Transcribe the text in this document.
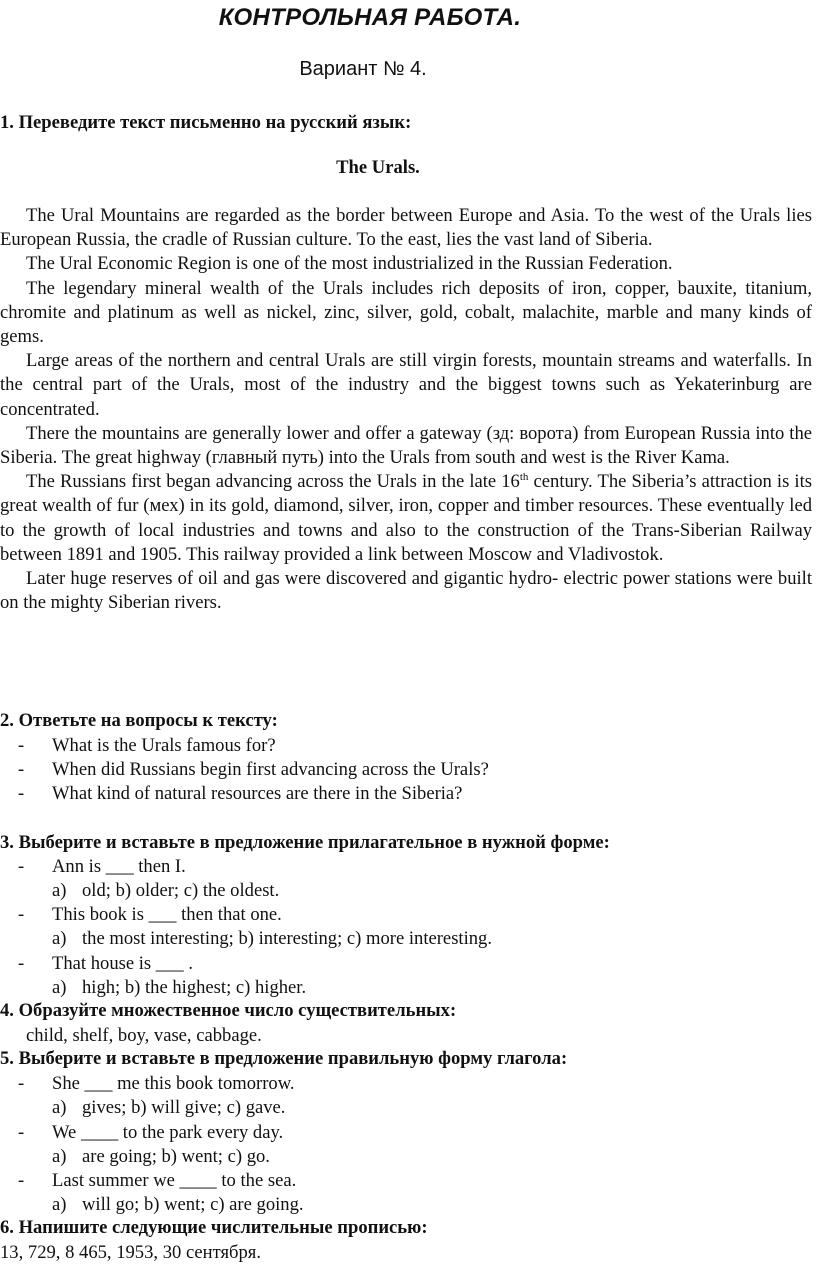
КОНТРОЛЬНАЯ РАБОТА.
Вариант № 4.
1. Переведите текст письменно на русский язык:
The Urals.

The Ural Mountains are regarded as the border between Europe and Asia. To the west of the Urals lies European Russia, the cradle of Russian culture. To the east, lies the vast land of Siberia.

The Ural Economic Region is one of the most industrialized in the Russian Federation.

The legendary mineral wealth of the Urals includes rich deposits of iron, copper, bauxite, titanium, chromite and platinum as well as nickel, zinc, silver, gold, cobalt, malachite, marble and many kinds of gems.

Large areas of the northern and central Urals are still virgin forests, mountain streams and waterfalls. In the central part of the Urals, most of the industry and the biggest towns such as Yekaterinburg are concentrated.

There the mountains are generally lower and offer a gateway (зд: ворота) from European Russia into the Siberia. The great highway (главный путь) into the Urals from south and west is the River Kama.

The Russians first began advancing across the Urals in the late 16th century. The Siberia’s attraction is its great wealth of fur (мех) in its gold, diamond, silver, iron, copper and timber resources. These eventually led to the growth of local industries and towns and also to the construction of the Trans-Siberian Railway between 1891 and 1905. This railway provided a link between Moscow and Vladivostok.

Later huge reserves of oil and gas were discovered and gigantic hydro- electric power stations were built on the mighty Siberian rivers.

2. Ответьте на вопросы к тексту:
- What is the Urals famous for?
- When did Russians begin first advancing across the Urals?
- What kind of natural resources are there in the Siberia?
3. Выберите и вставьте в предложение прилагательное в нужной форме:
- Ann is ___ then I.
a) old; b) older; c) the oldest.
- This book is ___ then that one.
a) the most interesting; b) interesting; c) more interesting.
- That house is ___ .
a) high; b) the highest; c) higher.
4. Образуйте множественное число существительных:
child, shelf, boy, vase, cabbage.
5. Выберите и вставьте в предложение правильную форму глагола:
- She ___ me this book tomorrow.
a) gives; b) will give; c) gave.
- We ____ to the park every day.
a) are going; b) went; c) go.
- Last summer we ____ to the sea.
a) will go; b) went; c) are going.
6. Напишите следующие числительные прописью:
13, 729, 8 465, 1953, 30 сентября.
